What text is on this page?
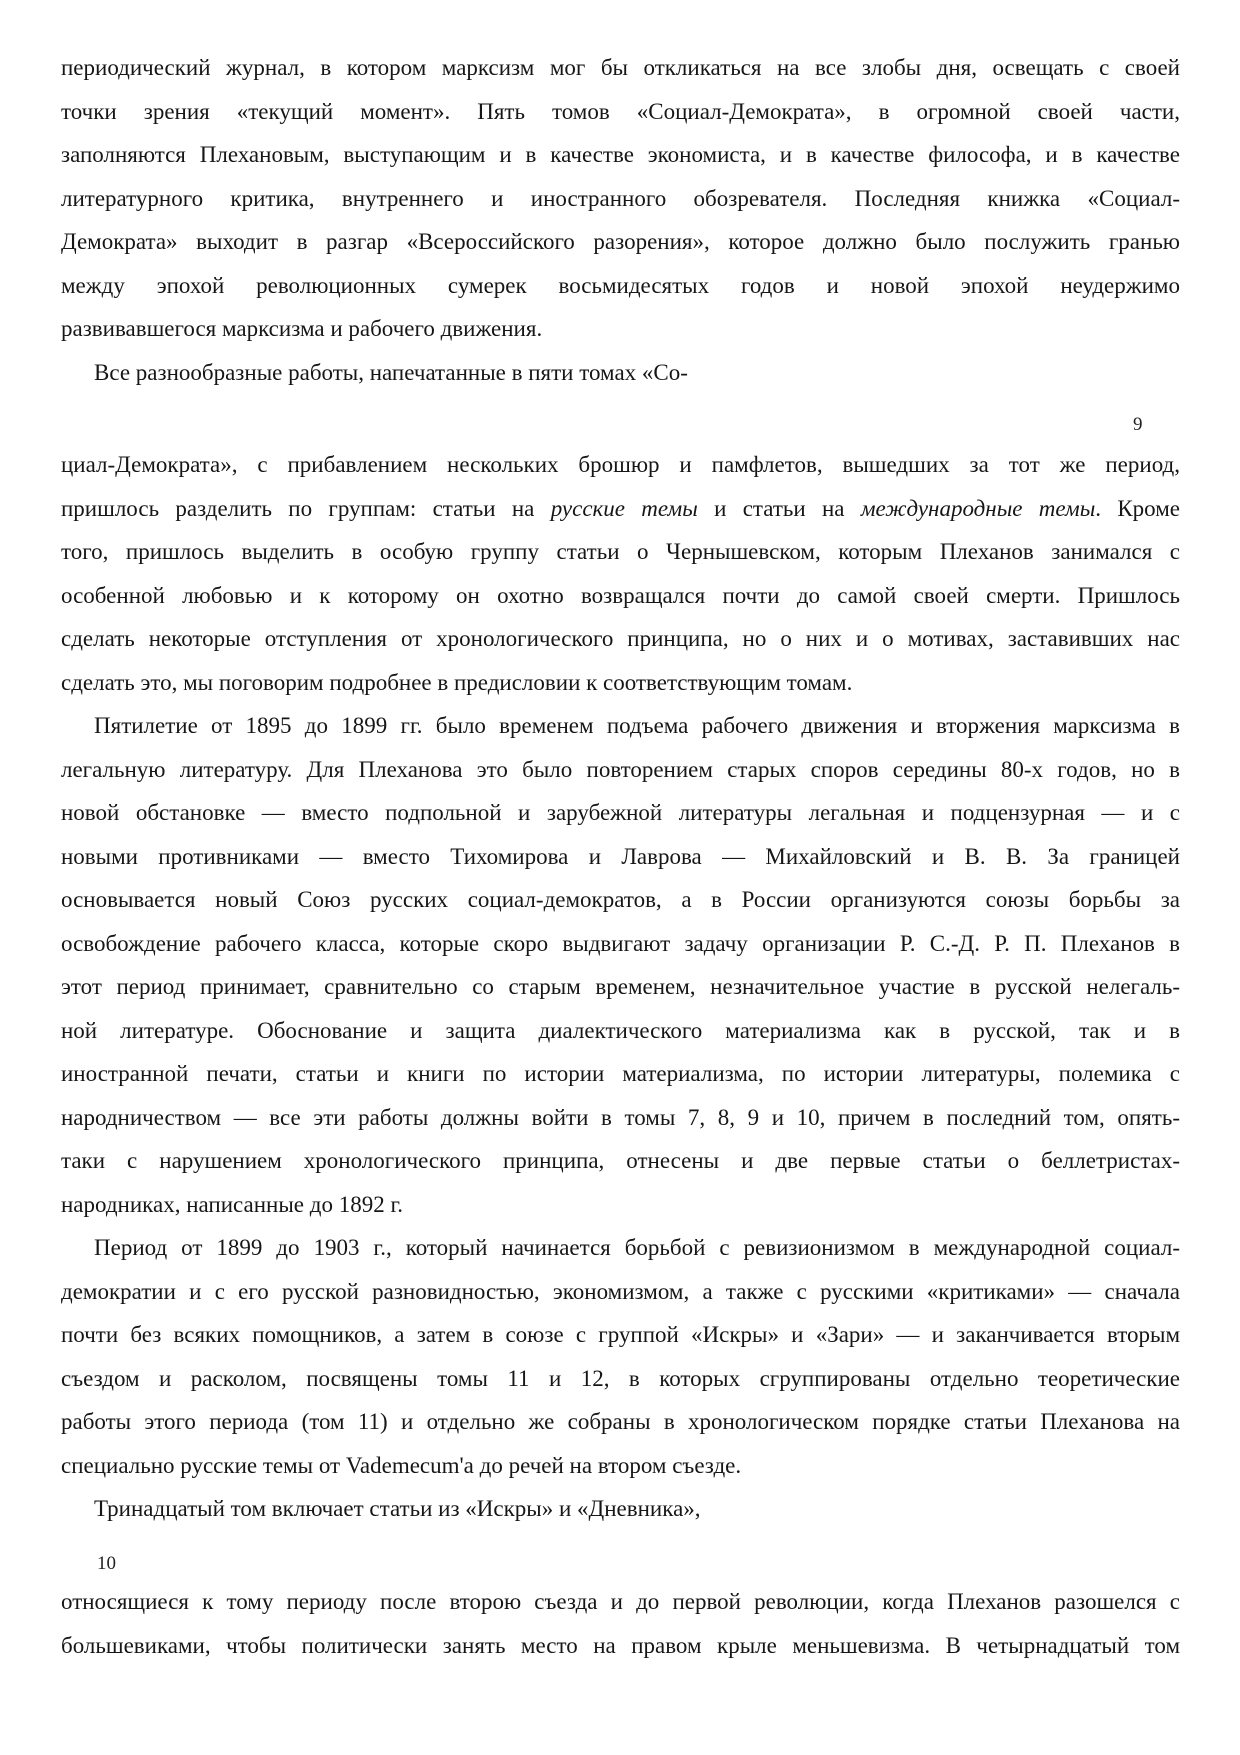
периодический журнал, в котором марксизм мог бы откликаться на все злобы дня, освещать с своей
точки зрения «текущий момент». Пять томов «Социал-Демократа», в огромной своей части,
заполняются Плехановым, выступающим и в качестве экономиста, и в качестве философа, и в качестве
литературного критика, внутреннего и иностранного обозревателя. Последняя книжка «Социал-
Демократа» выходит в разгар «Всероссийского разорения», которое должно было послужить гранью
между эпохой революционных сумерек восьмидесятых годов и новой эпохой неудержимо
развивавшегося марксизма и рабочего движения.
Все разнообразные работы, напечатанные в пяти томах «Со-
9
циал-Демократа», с прибавлением нескольких брошюр и памфлетов, вышедших за тот же период,
пришлось разделить по группам: статьи на русские темы и статьи на международные темы. Кроме
того, пришлось выделить в особую группу статьи о Чернышевском, которым Плеханов занимался с
особенной любовью и к которому он охотно возвращался почти до самой своей смерти. Пришлось
сделать некоторые отступления от хронологического принципа, но о них и о мотивах, заставивших нас
сделать это, мы поговорим подробнее в предисловии к соответствующим томам.
Пятилетие от 1895 до 1899 гг. было временем подъема рабочего движения и вторжения марксизма в
легальную литературу. Для Плеханова это было повторением старых споров середины 80-х годов, но в
новой обстановке — вместо подпольной и зарубежной литературы легальная и подцензурная — и с
новыми противниками — вместо Тихомирова и Лаврова — Михайловский и В. В. За границей
основывается новый Союз русских социал-демократов, а в России организуются союзы борьбы за
освобождение рабочего класса, которые скоро выдвигают задачу организации Р. С.-Д. Р. П. Плеханов в
этот период принимает, сравнительно со старым временем, незначительное участие в русской нелегаль-
ной литературе. Обоснование и защита диалектического материализма как в русской, так и в
иностранной печати, статьи и книги по истории материализма, по истории литературы, полемика с
народничеством — все эти работы должны войти в томы 7, 8, 9 и 10, причем в последний том, опять-
таки с нарушением хронологического принципа, отнесены и две первые статьи о беллетристах-
народниках, написанные до 1892 г.
Период от 1899 до 1903 г., который начинается борьбой с ревизионизмом в международной социал-
демократии и с его русской разновидностью, экономизмом, а также с русскими «критиками» — сначала
почти без всяких помощников, а затем в союзе с группой «Искры» и «Зари» — и заканчивается вторым
съездом и расколом, посвящены томы 11 и 12, в которых сгруппированы отдельно теоретические
работы этого периода (том 11) и отдельно же собраны в хронологическом порядке статьи Плеханова на
специально русские темы от Vademecum'a до речей на втором съезде.
Тринадцатый том включает статьи из «Искры» и «Дневника»,
10
относящиеся к тому периоду после второю съезда и до первой революции, когда Плеханов разошелся с
большевиками, чтобы политически занять место на правом крыле меньшевизма. В четырнадцатый том
